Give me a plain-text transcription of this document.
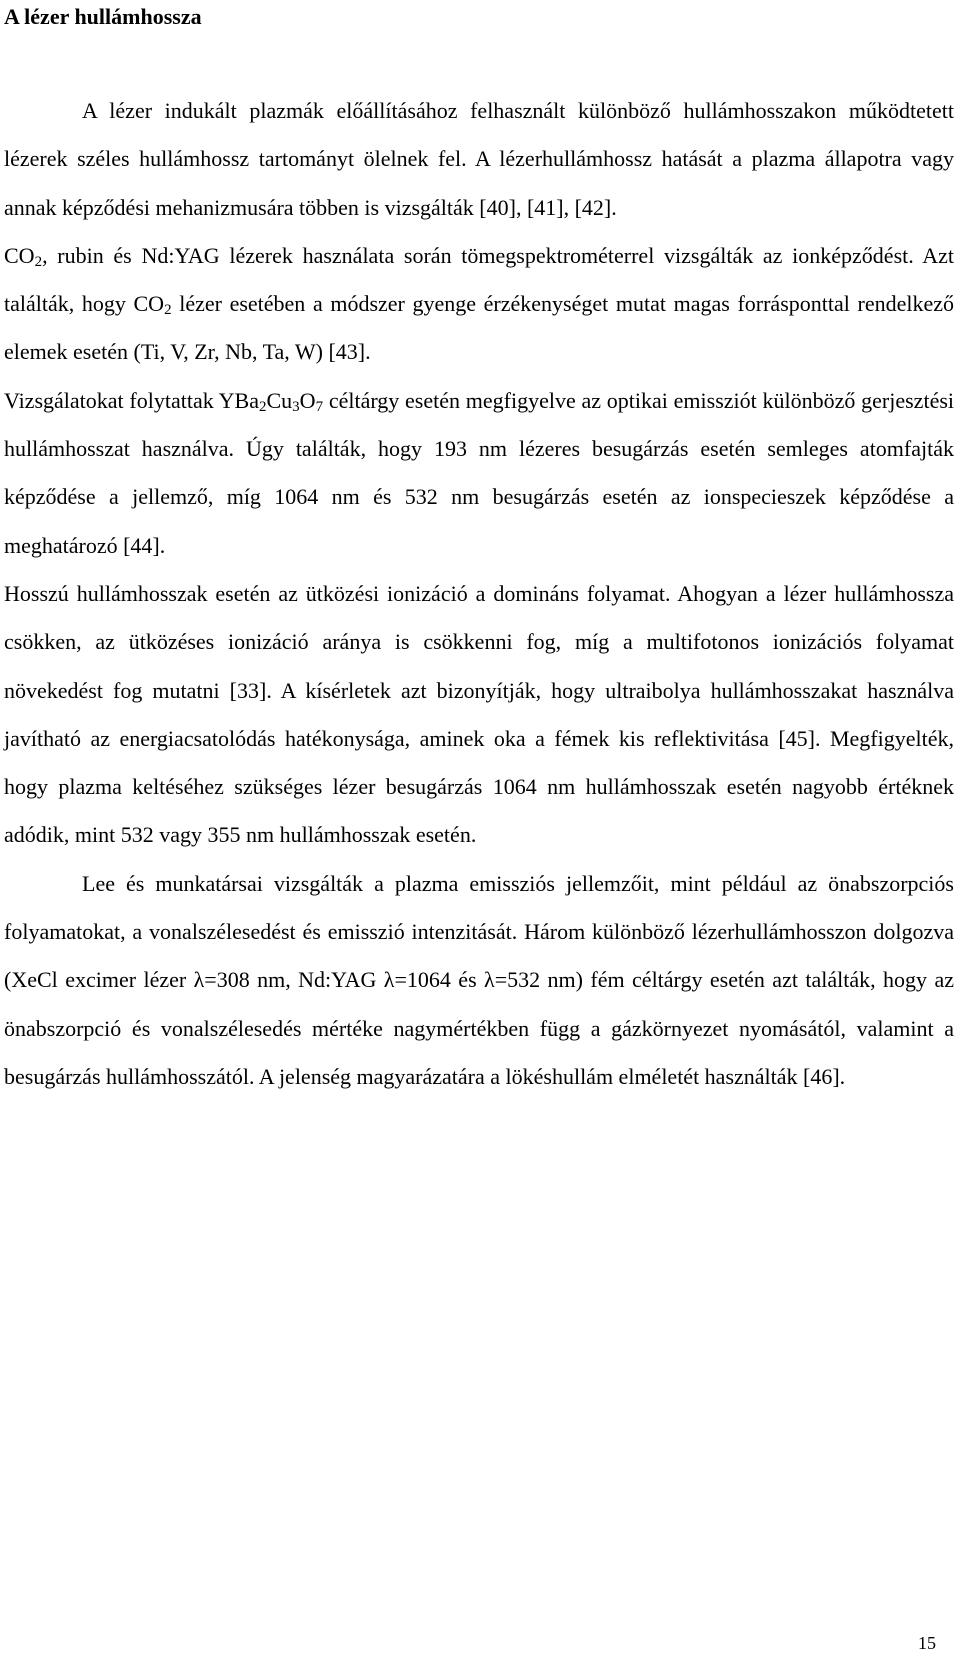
A lézer hullámhossza

A lézer indukált plazmák előállításához felhasznált különböző hullámhosszakon működtetett lézerek széles hullámhossz tartományt ölelnek fel. A lézerhullámhossz hatását a plazma állapotra vagy annak képződési mehanizmusára többen is vizsgálták [40], [41], [42].

$CO_2$, rubin és Nd:YAG lézerek használata során tömegspektrométerrel vizsgálták az ionképződést. Azt találták, hogy $CO_2$ lézer esetében a módszer gyenge érzékenységet mutat magas forrásponttal rendelkező elemek esetén (Ti, V, Zr, Nb, Ta, W) [43].

Vizsgálatokat folytattak $YBa_2Cu_3O_7$ céltárgy esetén megfigyelve az optikai emissziót különböző gerjesztési hullámhosszat használva. Úgy találták, hogy 193 nm lézeres besugárzás esetén semleges atomfajták képződése a jellemző, míg 1064 nm és 532 nm besugárzás esetén az ionspecieszek képződése a meghatározó [44].

Hosszú hullámhosszak esetén az ütközési ionizáció a domináns folyamat. Ahogyan a lézer hullámhossza csökken, az ütközéses ionizáció aránya is csökkenni fog, míg a multifotonos ionizációs folyamat növekedést fog mutatni [33]. A kísérletek azt bizonyítják, hogy ultraibolya hullámhosszakat használva javítható az energiacsatolódás hatékonysága, aminek oka a fémek kis reflektivitása [45]. Megfigyelték, hogy plazma keltéséhez szükséges lézer besugárzás 1064 nm hullámhosszak esetén nagyobb értéknek adódik, mint 532 vagy 355 nm hullámhosszak esetén.

Lee és munkatársai vizsgálták a plazma emissziós jellemzőit, mint például az önabszorpciós folyamatokat, a vonalszélesedést és emisszió intenzitását. Három különböző lézerhullámhosszon dolgozva (XeCl excimer lézer λ=308 nm, Nd:YAG λ=1064 és λ=532 nm) fém céltárgy esetén azt találták, hogy az önabszorpció és vonalszélesedés mértéke nagymértékben függ a gázkörnyezet nyomásától, valamint a besugárzás hullámhosszától. A jelenség magyarázatára a lökéshullám elméletét használták [46].

15
